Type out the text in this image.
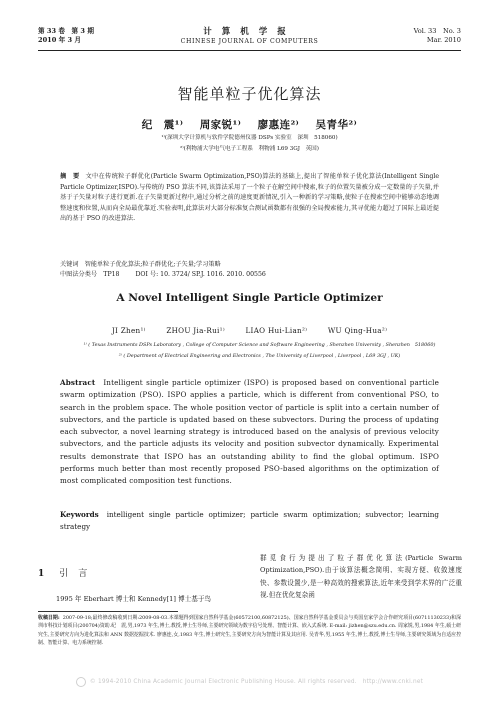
第 33 卷　第 3 期
2010 年 3 月
计算机学报
CHINESE JOURNAL OF COMPUTERS
Vol. 33　No. 3
Mar. 2010
智能单粒子优化算法
纪　震¹⁾ 周家锐¹⁾ 廖惠连²⁾ 吴青华²⁾
¹⁾(深圳大学计算机与软件学院德州仪器 DSPs 实验室　深圳　518060)
²⁾(利物浦大学电气电子工程系　利物浦 L69 3GJ　英国)
摘　要 文中在传统粒子群优化(Particle Swarm Optimization,PSO)算法的基础上,提出了智能单粒子优化算法(Intelligent Single Particle Optimizer,ISPO).与传统的 PSO 算法不同,该算法采用了一个粒子在解空间中搜索,粒子的位置矢量被分成一定数量的子矢量,并基于子矢量对粒子进行更新.在子矢量更新过程中,通过分析之前的速度更新情况,引入一种新的学习策略,使粒子在搜索空间中能够动态地调整速度和位置,从而向全局最优靠近.实验表明,此算法对大部分标准复合测试函数都有很强的全局搜索能力,其寻优能力超过了国际上最近提出的基于 PSO 的改进算法.
关键词 智能单粒子优化算法;粒子群优化;子矢量;学习策略
中图法分类号　TP18	DOI 号: 10. 3724/ SP.J. 1016. 2010. 00556
A Novel Intelligent Single Particle Optimizer
JI Zhen¹⁾	ZHOU Jia-Rui¹⁾	LIAO Hui-Lian²⁾	WU Qing-Hua²⁾
¹⁾ ( Texas Instruments DSPs Laboratory , College of Computer Science and Software Engineering , Shenzhen University , Shenzhen　518060)
²⁾ ( Department of Electrical Engineering and Electronics , The University of Liverpool , Liverpool , L69 3GJ , UK)
Abstract Intelligent single particle optimizer (ISPO) is proposed based on conventional particle swarm optimization (PSO). ISPO applies a particle, which is different from conventional PSO, to search in the problem space. The whole position vector of particle is split into a certain number of subvectors, and the particle is updated based on these subvectors. During the process of updating each subvector, a novel learning strategy is introduced based on the analysis of previous velocity subvectors, and the particle adjusts its velocity and position subvector dynamically. Experimental results demonstrate that ISPO has an outstanding ability to find the global optimum. ISPO performs much better than most recently proposed PSO-based algorithms on the optimization of most complicated composition test functions.
Keywords intelligent single particle optimizer; particle swarm optimization; subvector; learning strategy
1 引言
1995 年 Eberhart 博士和 Kennedy[1] 博士基于鸟
群觅食行为提出了粒子群优化算法(Particle Swarm Optimization,PSO).由于该算法概念简明、实现方便、收敛速度快、参数设置少,是一种高效的搜索算法,近年来受到学术界的广泛重视.但在优化复杂函
收稿日期: 2007-09-18;最终修改稿收到日期:2009-08-03.本课题得到国家自然科学基金(60572100,60872125)、国家自然科学基金委员会与英国皇家学会合作研究项目(60711130233)和深圳市科技计划项目(200704)资助.纪　震,男,1973 年生,博士,教授,博士生导师,主要研究领域为数字信号处理、智能计算、嵌入式系统. E-mail: jizhen@szu.edu.cn. 周家锐,男,1984 年生,硕士研究生,主要研究方向为进化算法和 ANN 数据挖掘技术. 廖惠连,女,1983 年生,博士研究生,主要研究方向为智能计算及其应用. 吴青华,男,1955 年生,博士,教授,博士生导师,主要研究领域为自适应控制、智能计算、电力系统控制.
© 1994-2010 China Academic Journal Electronic Publishing House. All rights reserved.　http://www.cnki.net
